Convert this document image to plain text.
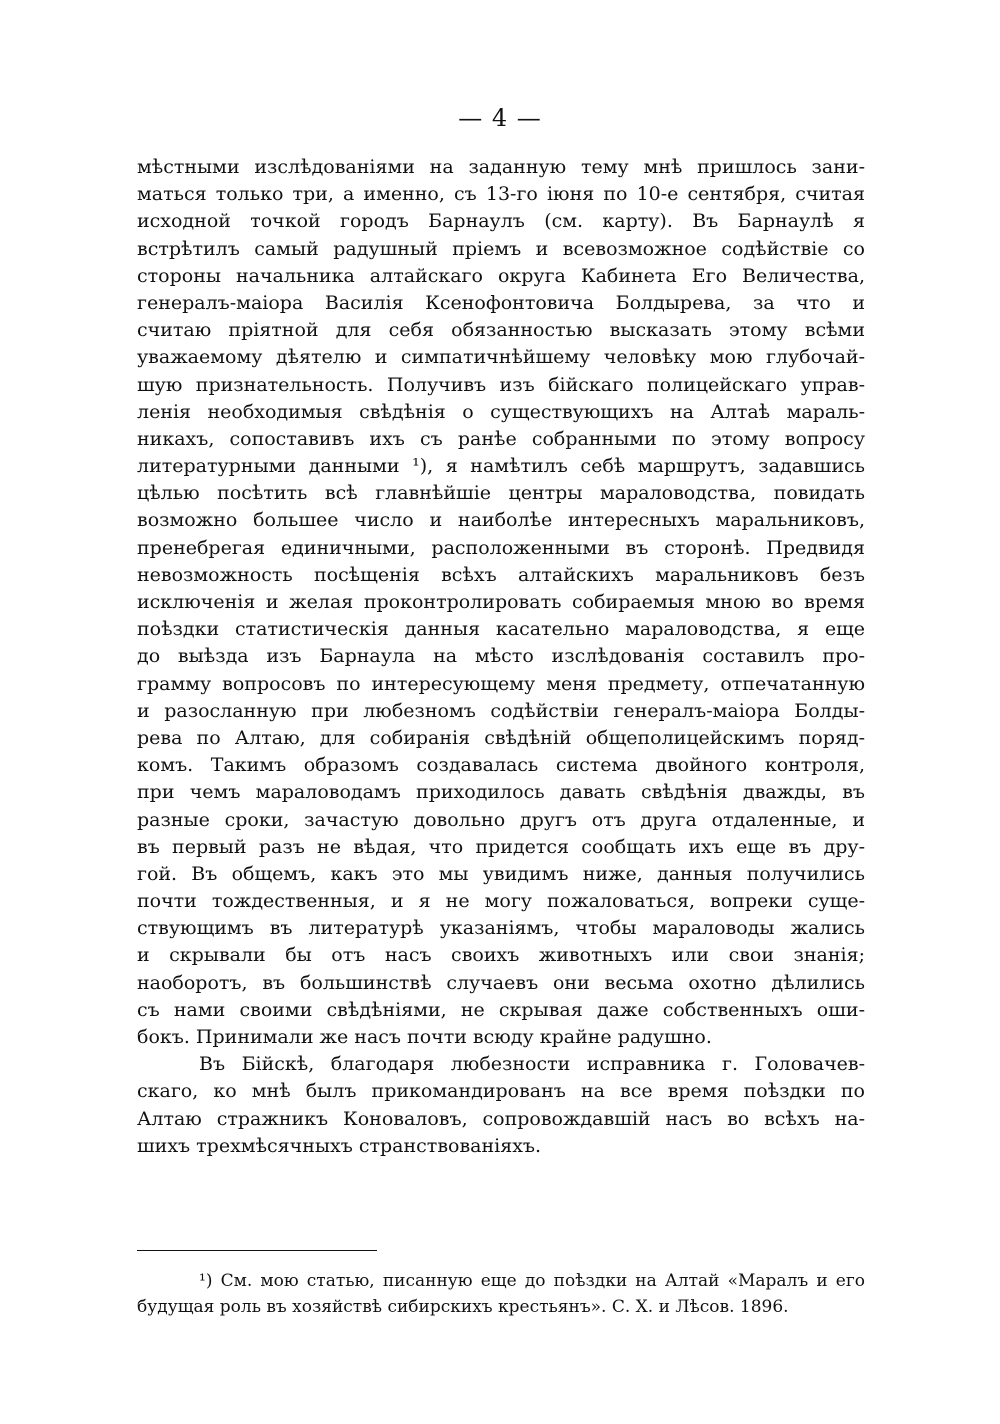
— 4 —
мѣстными изслѣдованіями на заданную тему мнѣ пришлось зани-
маться только три, а именно, съ 13-го іюня по 10-е сентября, считая
исходной точкой городъ Барнаулъ (см. карту). Въ Барнаулѣ я
встрѣтилъ самый радушный пріемъ и всевозможное содѣйствіе со
стороны начальника алтайскаго округа Кабинета Его Величества,
генералъ-маіора Василія Ксенофонтовича Болдырева, за что и
считаю пріятной для себя обязанностью высказать этому всѣми
уважаемому дѣятелю и симпатичнѣйшему человѣку мою глубочай-
шую признательность. Получивъ изъ бійскаго полицейскаго управ-
ленія необходимыя свѣдѣнія о существующихъ на Алтаѣ мараль-
никахъ, сопоставивъ ихъ съ ранѣе собранными по этому вопросу
литературными данными ¹), я намѣтилъ себѣ маршрутъ, задавшись
цѣлью посѣтить всѣ главнѣйшіе центры мараловодства, повидать
возможно большее число и наиболѣе интересныхъ маральниковъ,
пренебрегая единичными, расположенными въ сторонѣ. Предвидя
невозможность посѣщенія всѣхъ алтайскихъ маральниковъ безъ
исключенія и желая проконтролировать собираемыя мною во время
поѣздки статистическія данныя касательно мараловодства, я еще
до выѣзда изъ Барнаула на мѣсто изслѣдованія составилъ про-
грамму вопросовъ по интересующему меня предмету, отпечатанную
и разосланную при любезномъ содѣйствіи генералъ-маіора Болды-
рева по Алтаю, для собиранія свѣдѣній общеполицейскимъ поряд-
комъ. Такимъ образомъ создавалась система двойного контроля,
при чемъ мараловодамъ приходилось давать свѣдѣнія дважды, въ
разные сроки, зачастую довольно другъ отъ друга отдаленные, и
въ первый разъ не вѣдая, что придется сообщать ихъ еще въ дру-
гой. Въ общемъ, какъ это мы увидимъ ниже, данныя получились
почти тождественныя, и я не могу пожаловаться, вопреки суще-
ствующимъ въ литературѣ указаніямъ, чтобы мараловоды жались
и скрывали бы отъ насъ своихъ животныхъ или свои знанія;
наоборотъ, въ большинствѣ случаевъ они весьма охотно дѣлились
съ нами своими свѣдѣніями, не скрывая даже собственныхъ оши-
бокъ. Принимали же насъ почти всюду крайне радушно.
Въ Бійскѣ, благодаря любезности исправника г. Головачев-
скаго, ко мнѣ былъ прикомандированъ на все время поѣздки по
Алтаю стражникъ Коноваловъ, сопровождавшій насъ во всѣхъ на-
шихъ трехмѣсячныхъ странствованіяхъ.
¹) См. мою статью, писанную еще до поѣздки на Алтай «Маралъ и его
будущая роль въ хозяйствѣ сибирскихъ крестьянъ». С. Х. и Лѣсов. 1896.
